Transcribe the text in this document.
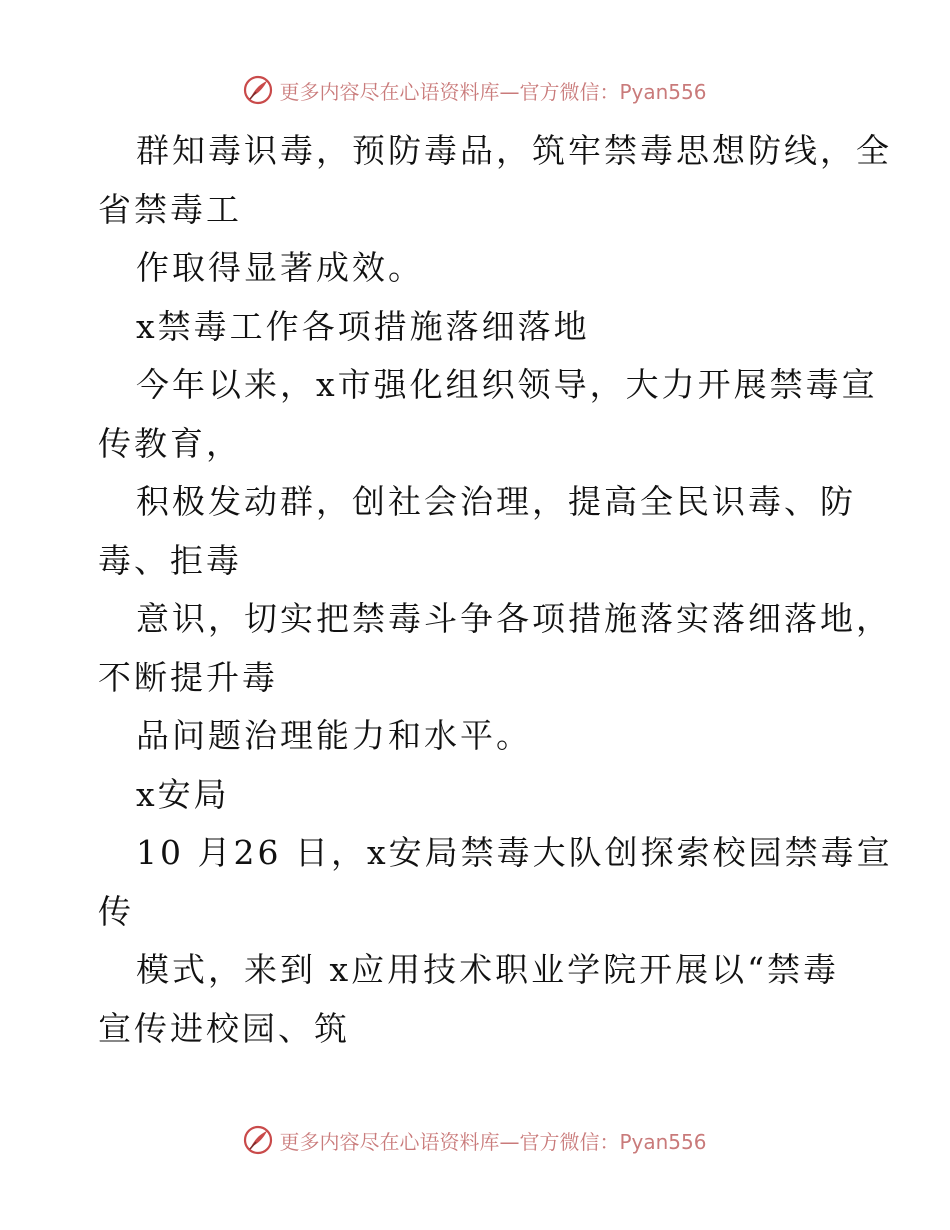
更多内容尽在心语资料库—官方微信：Pyan556
群知毒识毒，预防毒品，筑牢禁毒思想防线，全
省禁毒工
作取得显著成效。
x禁毒工作各项措施落细落地
今年以来，x市强化组织领导，大力开展禁毒宣
传教育，
积极发动群，创社会治理，提高全民识毒、防
毒、拒毒
意识，切实把禁毒斗争各项措施落实落细落地，
不断提升毒
品问题治理能力和水平。
x安局
10 月26 日，x安局禁毒大队创探索校园禁毒宣
传
模式，来到 x应用技术职业学院开展以“禁毒
宣传进校园、筑
更多内容尽在心语资料库—官方微信：Pyan556
